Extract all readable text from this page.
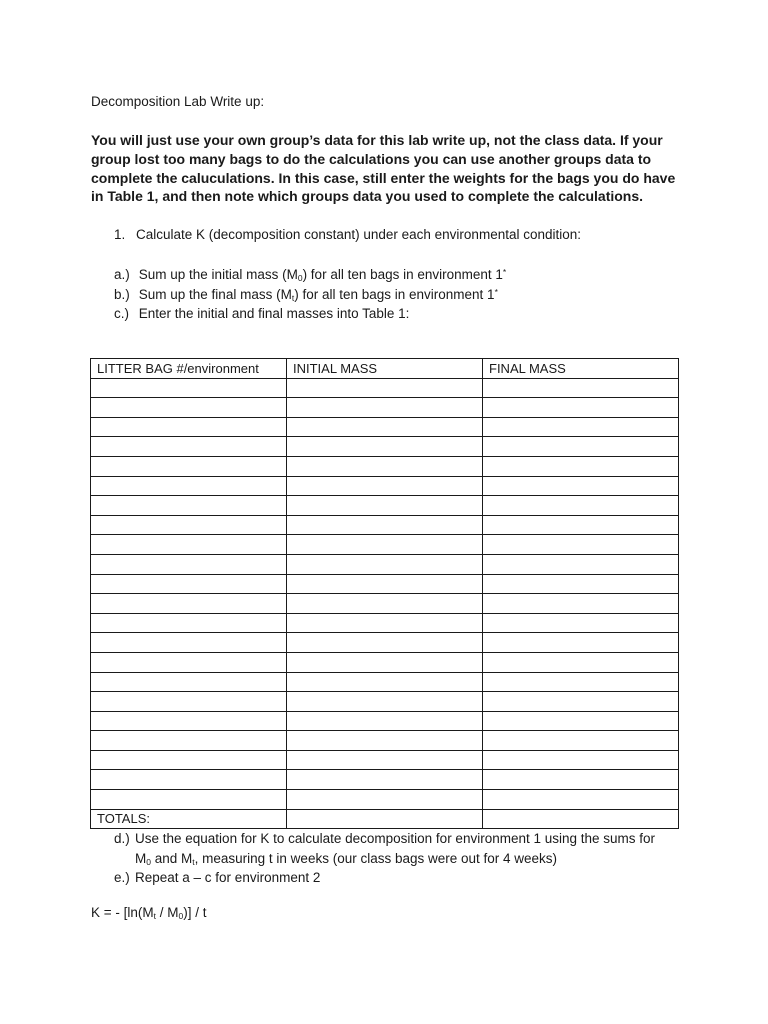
Decomposition Lab Write up:
You will just use your own group’s data for this lab write up, not the class data. If your group lost too many bags to do the calculations you can use another groups data to complete the caluculations. In this case, still enter the weights for the bags you do have in Table 1, and then note which groups data you used to complete the calculations.
1. Calculate K (decomposition constant) under each environmental condition:
a.) Sum up the initial mass $(M_0)$ for all ten bags in environment 1*
b.) Sum up the final mass $(M_t)$ for all ten bags in environment 1*
c.) Enter the initial and final masses into Table 1:
LITTER BAG #/environment	INITIAL MASS	FINAL MASS

TOTALS:		
d.) Use the equation for K to calculate decomposition for environment 1 using the sums for
$M_0$ and $M_t$, measuring t in weeks (our class bags were out for 4 weeks)
e.) Repeat a – c for environment 2
K = - $[\ln(M_t / M_0)]$ / t
